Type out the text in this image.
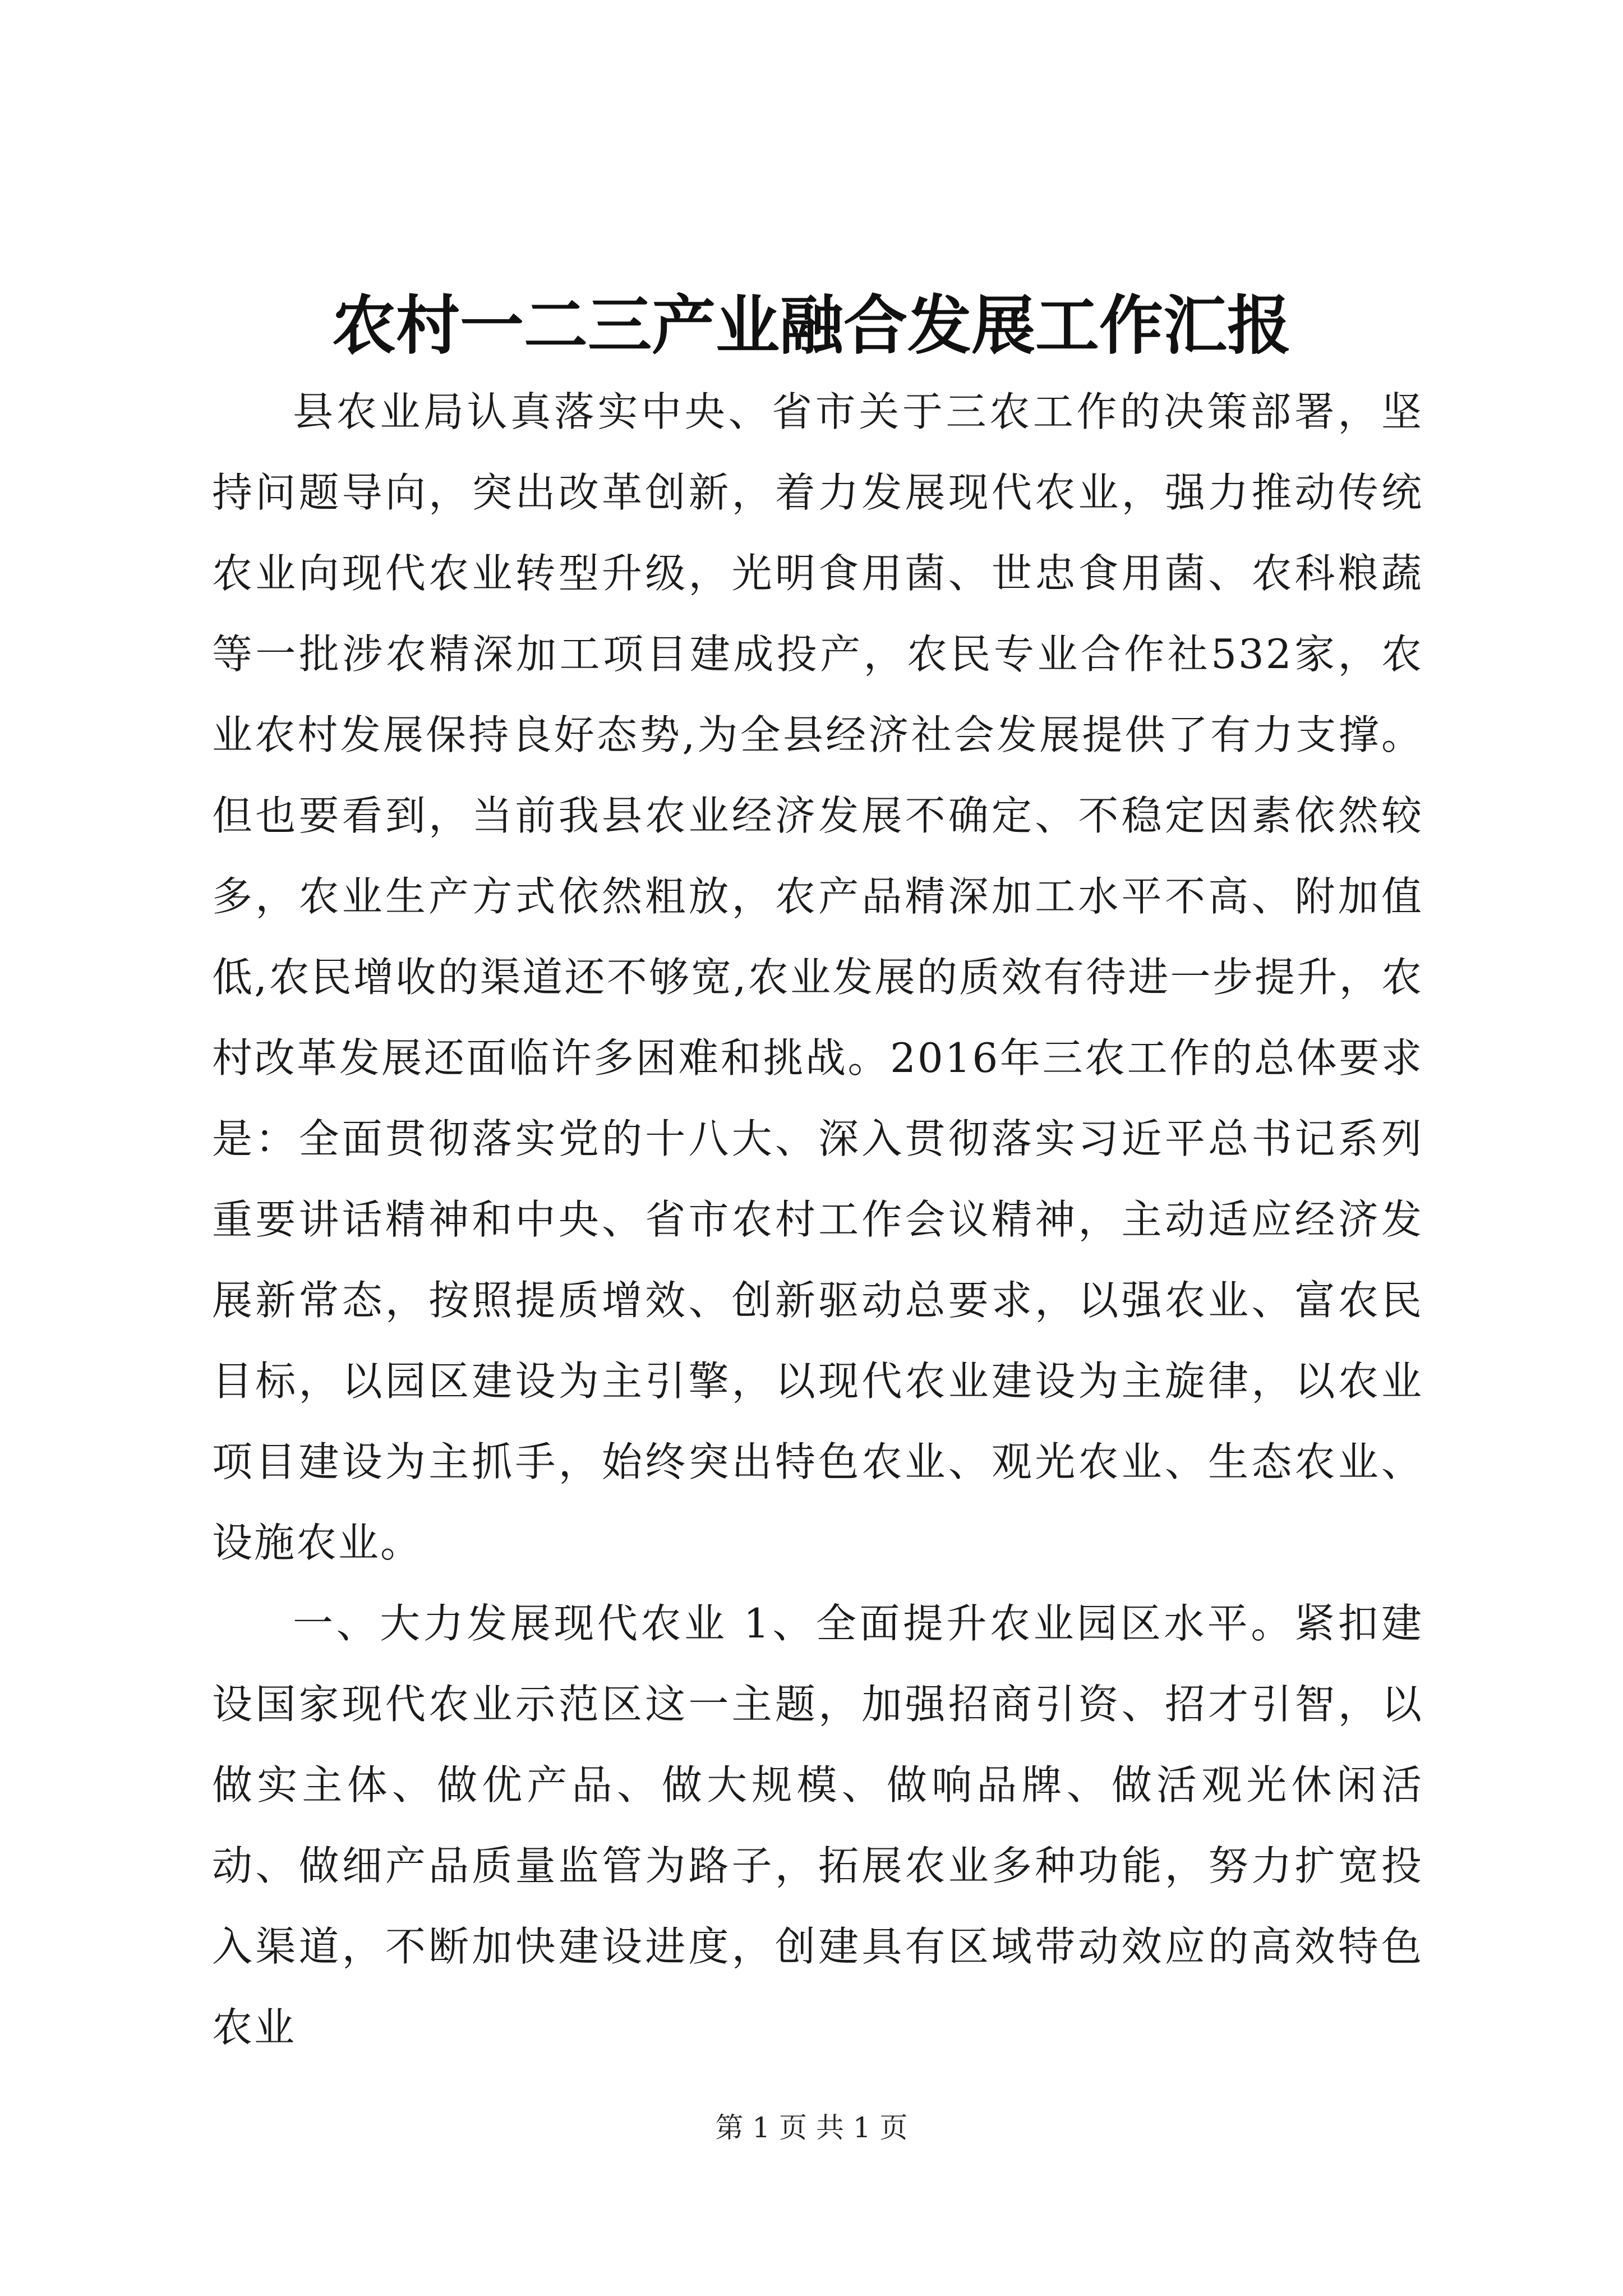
农村一二三产业融合发展工作汇报

县农业局认真落实中央、省市关于三农工作的决策部署，坚持问题导向，突出改革创新，着力发展现代农业，强力推动传统农业向现代农业转型升级，光明食用菌、世忠食用菌、农科粮蔬等一批涉农精深加工项目建成投产，农民专业合作社532家，农业农村发展保持良好态势,为全县经济社会发展提供了有力支撑。但也要看到，当前我县农业经济发展不确定、不稳定因素依然较多，农业生产方式依然粗放，农产品精深加工水平不高、附加值低,农民增收的渠道还不够宽,农业发展的质效有待进一步提升，农村改革发展还面临许多困难和挑战。2016年三农工作的总体要求是：全面贯彻落实党的十八大、深入贯彻落实习近平总书记系列重要讲话精神和中央、省市农村工作会议精神，主动适应经济发展新常态，按照提质增效、创新驱动总要求，以强农业、富农民目标，以园区建设为主引擎，以现代农业建设为主旋律，以农业项目建设为主抓手，始终突出特色农业、观光农业、生态农业、设施农业。

一、大力发展现代农业 1、全面提升农业园区水平。紧扣建设国家现代农业示范区这一主题，加强招商引资、招才引智，以做实主体、做优产品、做大规模、做响品牌、做活观光休闲活动、做细产品质量监管为路子，拓展农业多种功能，努力扩宽投入渠道，不断加快建设进度，创建具有区域带动效应的高效特色农业

第 1 页 共 1 页
